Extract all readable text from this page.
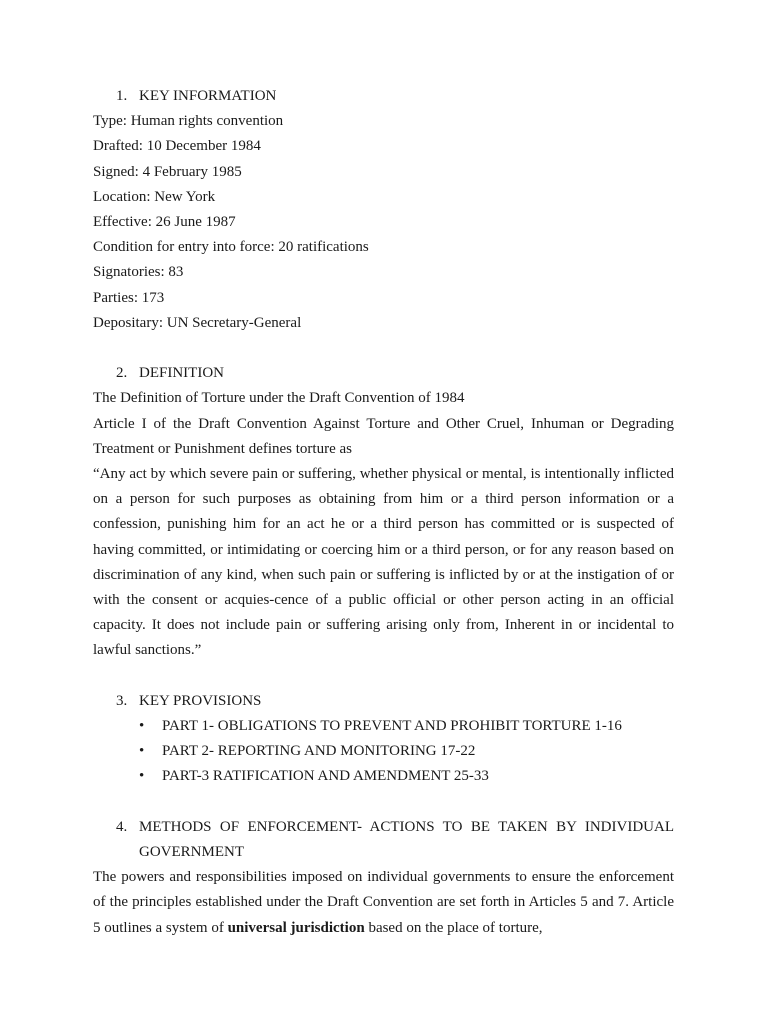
1. KEY INFORMATION
Type: Human rights convention
Drafted: 10 December 1984
Signed: 4 February 1985
Location: New York
Effective: 26 June 1987
Condition for entry into force: 20 ratifications
Signatories: 83
Parties: 173
Depositary: UN Secretary-General
2. DEFINITION
The Definition of Torture under the Draft Convention of 1984
Article I of the Draft Convention Against Torture and Other Cruel, Inhuman or Degrading Treatment or Punishment defines torture as
“Any act by which severe pain or suffering, whether physical or mental, is intentionally inflicted on a person for such purposes as obtaining from him or a third person information or a confession, punishing him for an act he or a third person has committed or is suspected of having committed, or intimidating or coercing him or a third person, or for any reason based on discrimination of any kind, when such pain or suffering is inflicted by or at the instigation of or with the consent or acquies-cence of a public official or other person acting in an official capacity. It does not include pain or suffering arising only from, Inherent in or incidental to lawful sanctions.”
3. KEY PROVISIONS
• PART 1- OBLIGATIONS TO PREVENT AND PROHIBIT TORTURE 1-16
• PART 2- REPORTING AND MONITORING 17-22
• PART-3 RATIFICATION AND AMENDMENT 25-33
4. METHODS OF ENFORCEMENT- ACTIONS TO BE TAKEN BY INDIVIDUAL GOVERNMENT
The powers and responsibilities imposed on individual governments to ensure the enforcement of the principles established under the Draft Convention are set forth in Articles 5 and 7. Article 5 outlines a system of universal jurisdiction based on the place of torture,
